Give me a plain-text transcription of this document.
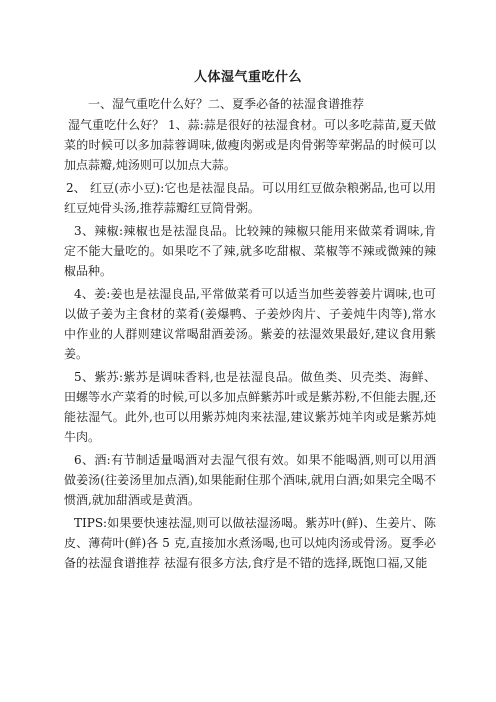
人体湿气重吃什么

一、湿气重吃什么好？二、夏季必备的祛湿食谱推荐

湿气重吃什么好？ 1、蒜:蒜是很好的祛湿食材。可以多吃蒜苗,夏天做菜的时候可以多加蒜蓉调味,做瘦肉粥或是肉骨粥等荤粥品的时候可以加点蒜瓣,炖汤则可以加点大蒜。

2、 红豆(赤小豆):它也是祛湿良品。可以用红豆做杂粮粥品,也可以用红豆炖骨头汤,推荐蒜瓣红豆筒骨粥。

3、辣椒:辣椒也是祛湿良品。比较辣的辣椒只能用来做菜肴调味,肯定不能大量吃的。如果吃不了辣,就多吃甜椒、菜椒等不辣或微辣的辣椒品种。

4、姜:姜也是祛湿良品,平常做菜肴可以适当加些姜蓉姜片调味,也可以做子姜为主食材的菜肴(姜爆鸭、子姜炒肉片、子姜炖牛肉等),常水中作业的人群则建议常喝甜酒姜汤。紫姜的祛湿效果最好,建议食用紫姜。

5、紫苏:紫苏是调味香料,也是祛湿良品。做鱼类、贝壳类、海鲜、田螺等水产菜肴的时候,可以多加点鲜紫苏叶或是紫苏粉,不但能去腥,还能祛湿气。此外,也可以用紫苏炖肉来祛湿,建议紫苏炖羊肉或是紫苏炖牛肉。

6、酒:有节制适量喝酒对去湿气很有效。如果不能喝酒,则可以用酒做姜汤(往姜汤里加点酒),如果能耐住那个酒味,就用白酒;如果完全喝不惯酒,就加甜酒或是黄酒。

TIPS:如果要快速祛湿,则可以做祛湿汤喝。紫苏叶(鲜)、生姜片、陈皮、薄荷叶(鲜)各 5 克,直接加水煮汤喝,也可以炖肉汤或骨汤。夏季必备的祛湿食谱推荐 祛湿有很多方法,食疗是不错的选择,既饱口福,又能
